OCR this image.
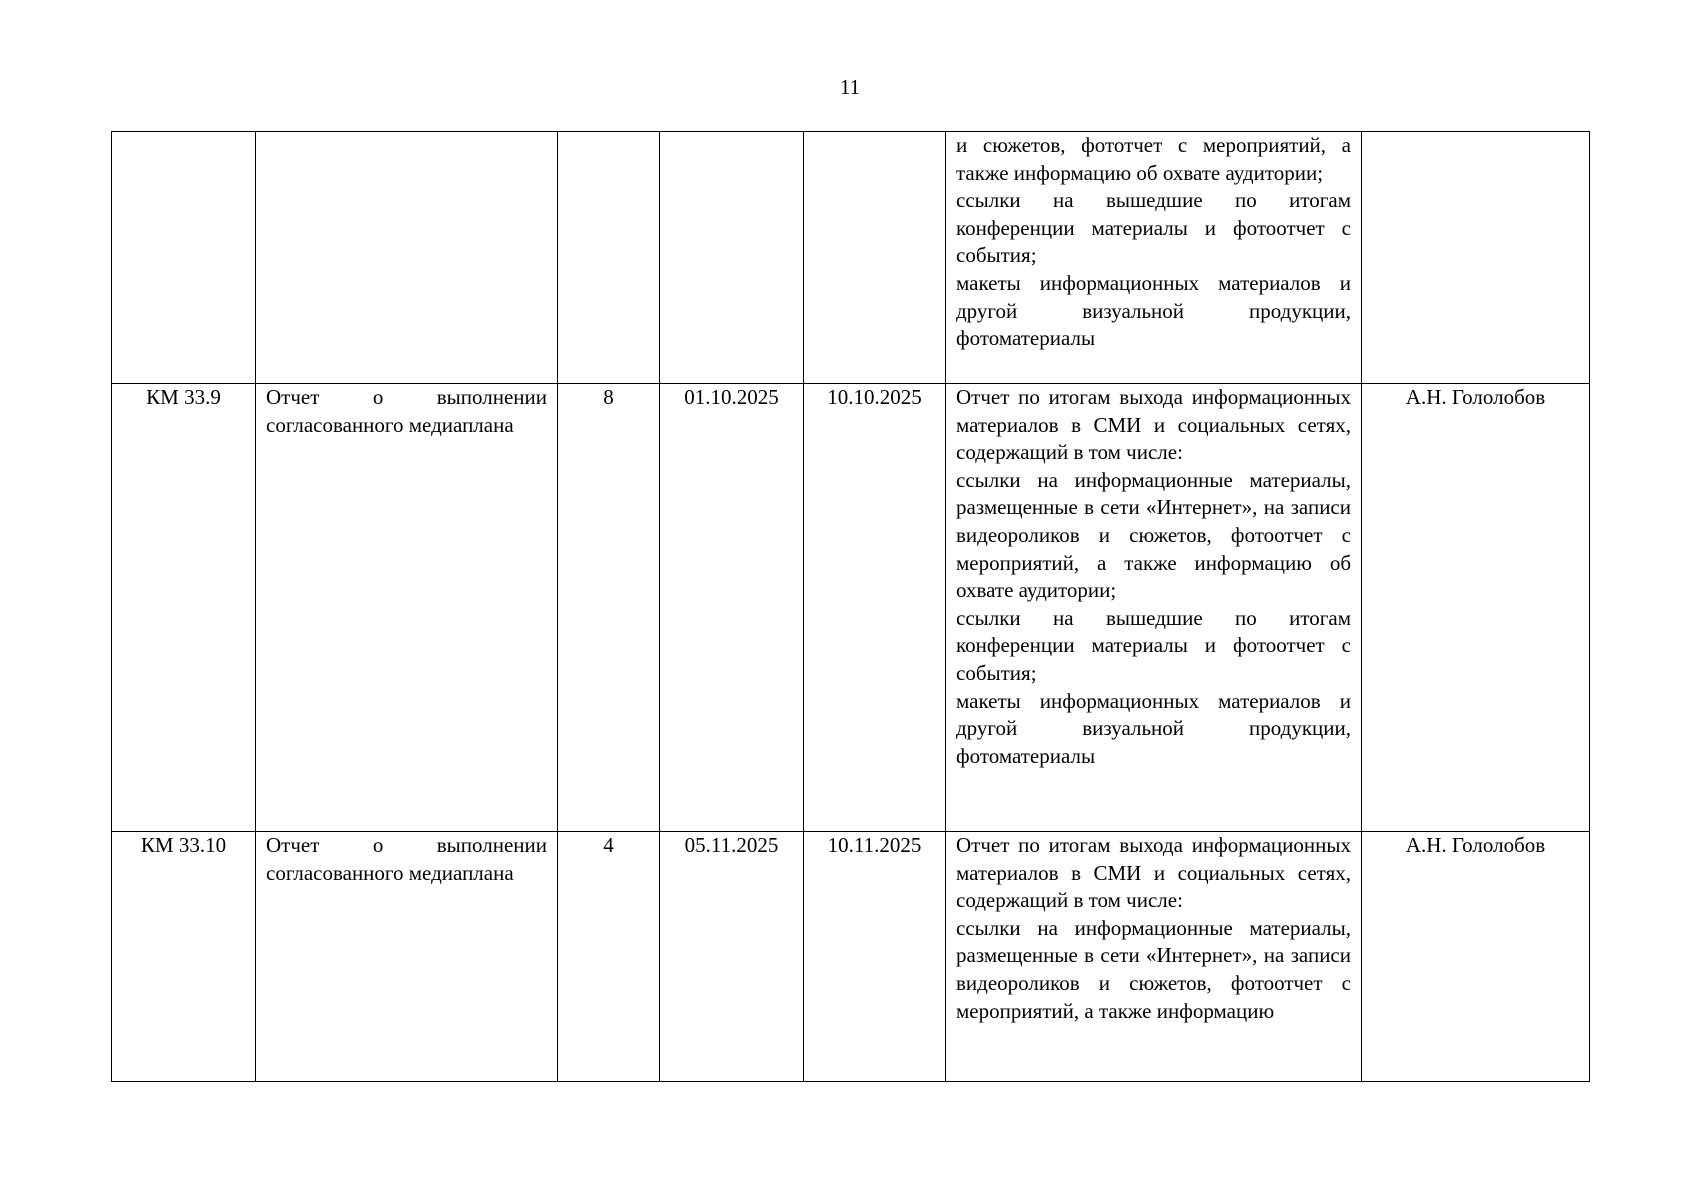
11

					и сюжетов, фототчет с мероприятий, а также информацию об охвате аудитории;
ссылки на вышедшие по итогам конференции материалы и фотоотчет с события;
макеты информационных материалов и другой визуальной продукции, фотоматериалы	

КМ 33.9	Отчет о выполнении согласованного медиаплана	8	01.10.2025	10.10.2025	Отчет по итогам выхода информационных материалов в СМИ и социальных сетях, содержащий в том числе:
ссылки на информационные материалы, размещенные в сети «Интернет», на записи видеороликов и сюжетов, фотоотчет с мероприятий, а также информацию об охвате аудитории;
ссылки на вышедшие по итогам конференции материалы и фотоотчет с события;
макеты информационных материалов и другой визуальной продукции, фотоматериалы	А.Н. Гололобов
КМ 33.10	Отчет о выполнении согласованного медиаплана	4	05.11.2025	10.11.2025	Отчет по итогам выхода информационных материалов в СМИ и социальных сетях, содержащий в том числе:
ссылки на информационные материалы, размещенные в сети «Интернет», на записи видеороликов и сюжетов, фотоотчет с мероприятий, а также информацию	А.Н. Гололобов
